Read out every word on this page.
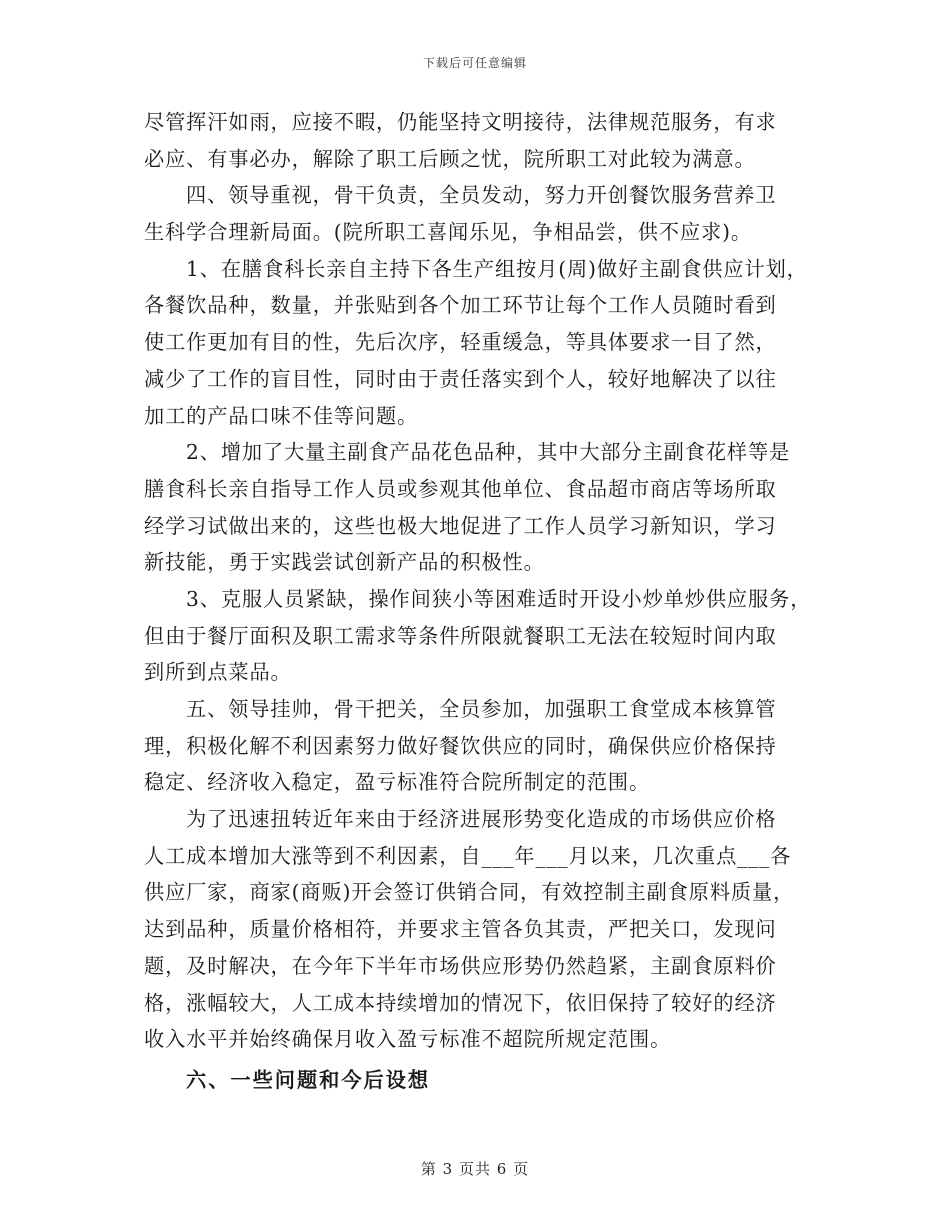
下载后可任意编辑
尽管挥汗如雨，应接不暇，仍能坚持文明接待，法律规范服务，有求
必应、有事必办，解除了职工后顾之忧，院所职工对此较为满意。
四、领导重视，骨干负责，全员发动，努力开创餐饮服务营养卫
生科学合理新局面。(院所职工喜闻乐见，争相品尝，供不应求)。
1、在膳食科长亲自主持下各生产组按月(周)做好主副食供应计划，
各餐饮品种，数量，并张贴到各个加工环节让每个工作人员随时看到
使工作更加有目的性，先后次序，轻重缓急，等具体要求一目了然，
减少了工作的盲目性，同时由于责任落实到个人，较好地解决了以往
加工的产品口味不佳等问题。
2、增加了大量主副食产品花色品种，其中大部分主副食花样等是
膳食科长亲自指导工作人员或参观其他单位、食品超市商店等场所取
经学习试做出来的，这些也极大地促进了工作人员学习新知识，学习
新技能，勇于实践尝试创新产品的积极性。
3、克服人员紧缺，操作间狭小等困难适时开设小炒单炒供应服务，
但由于餐厅面积及职工需求等条件所限就餐职工无法在较短时间内取
到所到点菜品。
五、领导挂帅，骨干把关，全员参加，加强职工食堂成本核算管
理，积极化解不利因素努力做好餐饮供应的同时，确保供应价格保持
稳定、经济收入稳定，盈亏标准符合院所制定的范围。
为了迅速扭转近年来由于经济进展形势变化造成的市场供应价格
人工成本增加大涨等到不利因素，自___年___月以来，几次重点___各
供应厂家，商家(商贩)开会签订供销合同，有效控制主副食原料质量，
达到品种，质量价格相符，并要求主管各负其责，严把关口，发现问
题，及时解决，在今年下半年市场供应形势仍然趋紧，主副食原料价
格，涨幅较大，人工成本持续增加的情况下，依旧保持了较好的经济
收入水平并始终确保月收入盈亏标准不超院所规定范围。
六、一些问题和今后设想
第 3 页共 6 页
